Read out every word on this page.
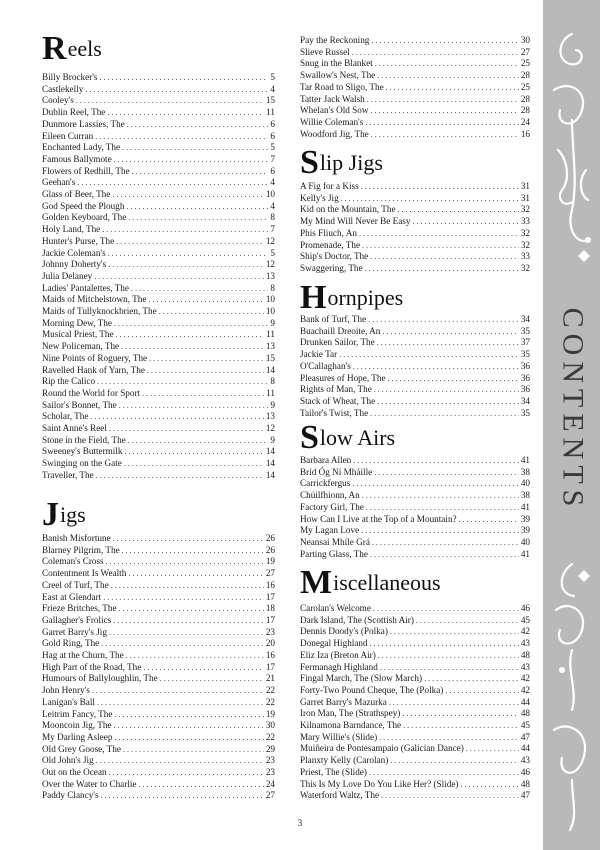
CONTENTS
Reels
Billy Brocker's . . .	5
Castlekelly . . .	4
Cooley's . . .	15
Dublin Reel, The . . .	11
Dunmore Lassies, The . . .	6
Eileen Curran . . .	6
Enchanted Lady, The . . .	5
Famous Ballymote . . .	7
Flowers of Redhill, The . . .	6
Geehan's . . .	4
Glass of Beer, The . . .	10
God Speed the Plough . . .	4
Golden Keyboard, The . . .	8
Holy Land, The . . .	7
Hunter's Purse, The . . .	12
Jackie Coleman's . . .	5
Johnny Doherty's . . .	12
Julia Delaney . . .	13
Ladies' Pantalettes, The . . .	8
Maids of Mitchelstown, The . . .	10
Maids of Tullyknockbrien, The . . .	10
Morning Dew, The . . .	9
Musical Priest, The . . .	11
New Policeman, The . . .	13
Nine Points of Roguery, The . . .	15
Ravelled Hank of Yarn, The . . .	14
Rip the Calico . . .	8
Round the World for Sport . . .	11
Sailor's Bonnet, The . . .	9
Scholar, The . . .	13
Saint Anne's Reel . . .	12
Stone in the Field, The . . .	9
Sweeney's Buttermilk . . .	14
Swinging on the Gate . . .	14
Traveller, The . . .	14
Jigs
Banish Misfortune . . .	26
Blarney Pilgrim, The . . .	26
Coleman's Cross . . .	19
Contentment Is Wealth . . .	27
Creel of Turf, The . . .	16
East at Glendart . . .	17
Frieze Britches, The . . .	18
Gallagher's Frolics . . .	17
Garret Barry's Jig . . .	23
Gold Ring, The . . .	20
Hag at the Churn, The . . .	16
High Part of the Road, The . . .	17
Humours of Ballyloughlin, The . . .	21
John Henry's . . .	22
Lanigan's Ball . . .	22
Leitrim Fancy, The . . .	19
Mooncoin Jig, The . . .	30
My Darling Asleep . . .	22
Old Grey Goose, The . . .	29
Old John's Jig . . .	23
Out on the Ocean . . .	23
Over the Water to Charlie . . .	24
Paddy Clancy's . . .	27
Pay the Reckoning . . .	30
Slieve Russel . . .	27
Snug in the Blanket . . .	25
Swallow's Nest, The . . .	28
Tar Road to Sligo, The . . .	25
Tatter Jack Walsh . . .	28
Whelan's Old Sow . . .	28
Willie Coleman's . . .	24
Woodford Jig, The . . .	16
Slip Jigs
A Fig for a Kiss . . .	31
Kelly's Jig . . .	31
Kid on the Mountain, The . . .	32
My Mind Will Never Be Easy . . .	33
Phis Fliuch, An . . .	32
Promenade, The . . .	32
Ship's Doctor, The . . .	33
Swaggering, The . . .	32
Hornpipes
Bank of Turf, The . . .	34
Buachaill Dreoite, An . . .	35
Drunken Sailor, The . . .	37
Jackie Tar . . .	35
O'Callaghan's . . .	36
Pleasures of Hope, The . . .	36
Rights of Man, The . . .	36
Stack of Wheat, The . . .	34
Tailor's Twist, The . . .	35
Slow Airs
Barbara Allen . . .	41
Bríd Óg Ní Mháille . . .	38
Carrickfergus . . .	40
Chúilfhionn, An . . .	38
Factory Girl, The . . .	41
How Can I Live at the Top of a Mountain? . . .	39
My Lagan Love . . .	39
Neansaí Mhíle Grá . . .	40
Parting Glass, The . . .	41
Miscellaneous
Carolan's Welcome . . .	46
Dark Island, The (Scottish Air) . . .	45
Dennis Doody's (Polka) . . .	42
Donegal Highland . . .	43
Eliz Iza (Breton Air) . . .	48
Fermanagh Highland . . .	43
Fingal March, The (Slow March) . . .	42
Forty-Two Pound Cheque, The (Polka) . . .	42
Garret Barry's Mazurka . . .	44
Iron Man, The (Strathspey) . . .	48
Kilnamona Barndance, The . . .	45
Mary Willie's (Slide) . . .	47
Muiñeira de Pontesampaio (Galician Dance) . . .	44
Planxty Kelly (Carolan) . . .	43
Priest, The (Slide) . . .	46
This Is My Love Do You Like Her? (Slide) . . .	48
Waterford Waltz, The . . .	47
3
